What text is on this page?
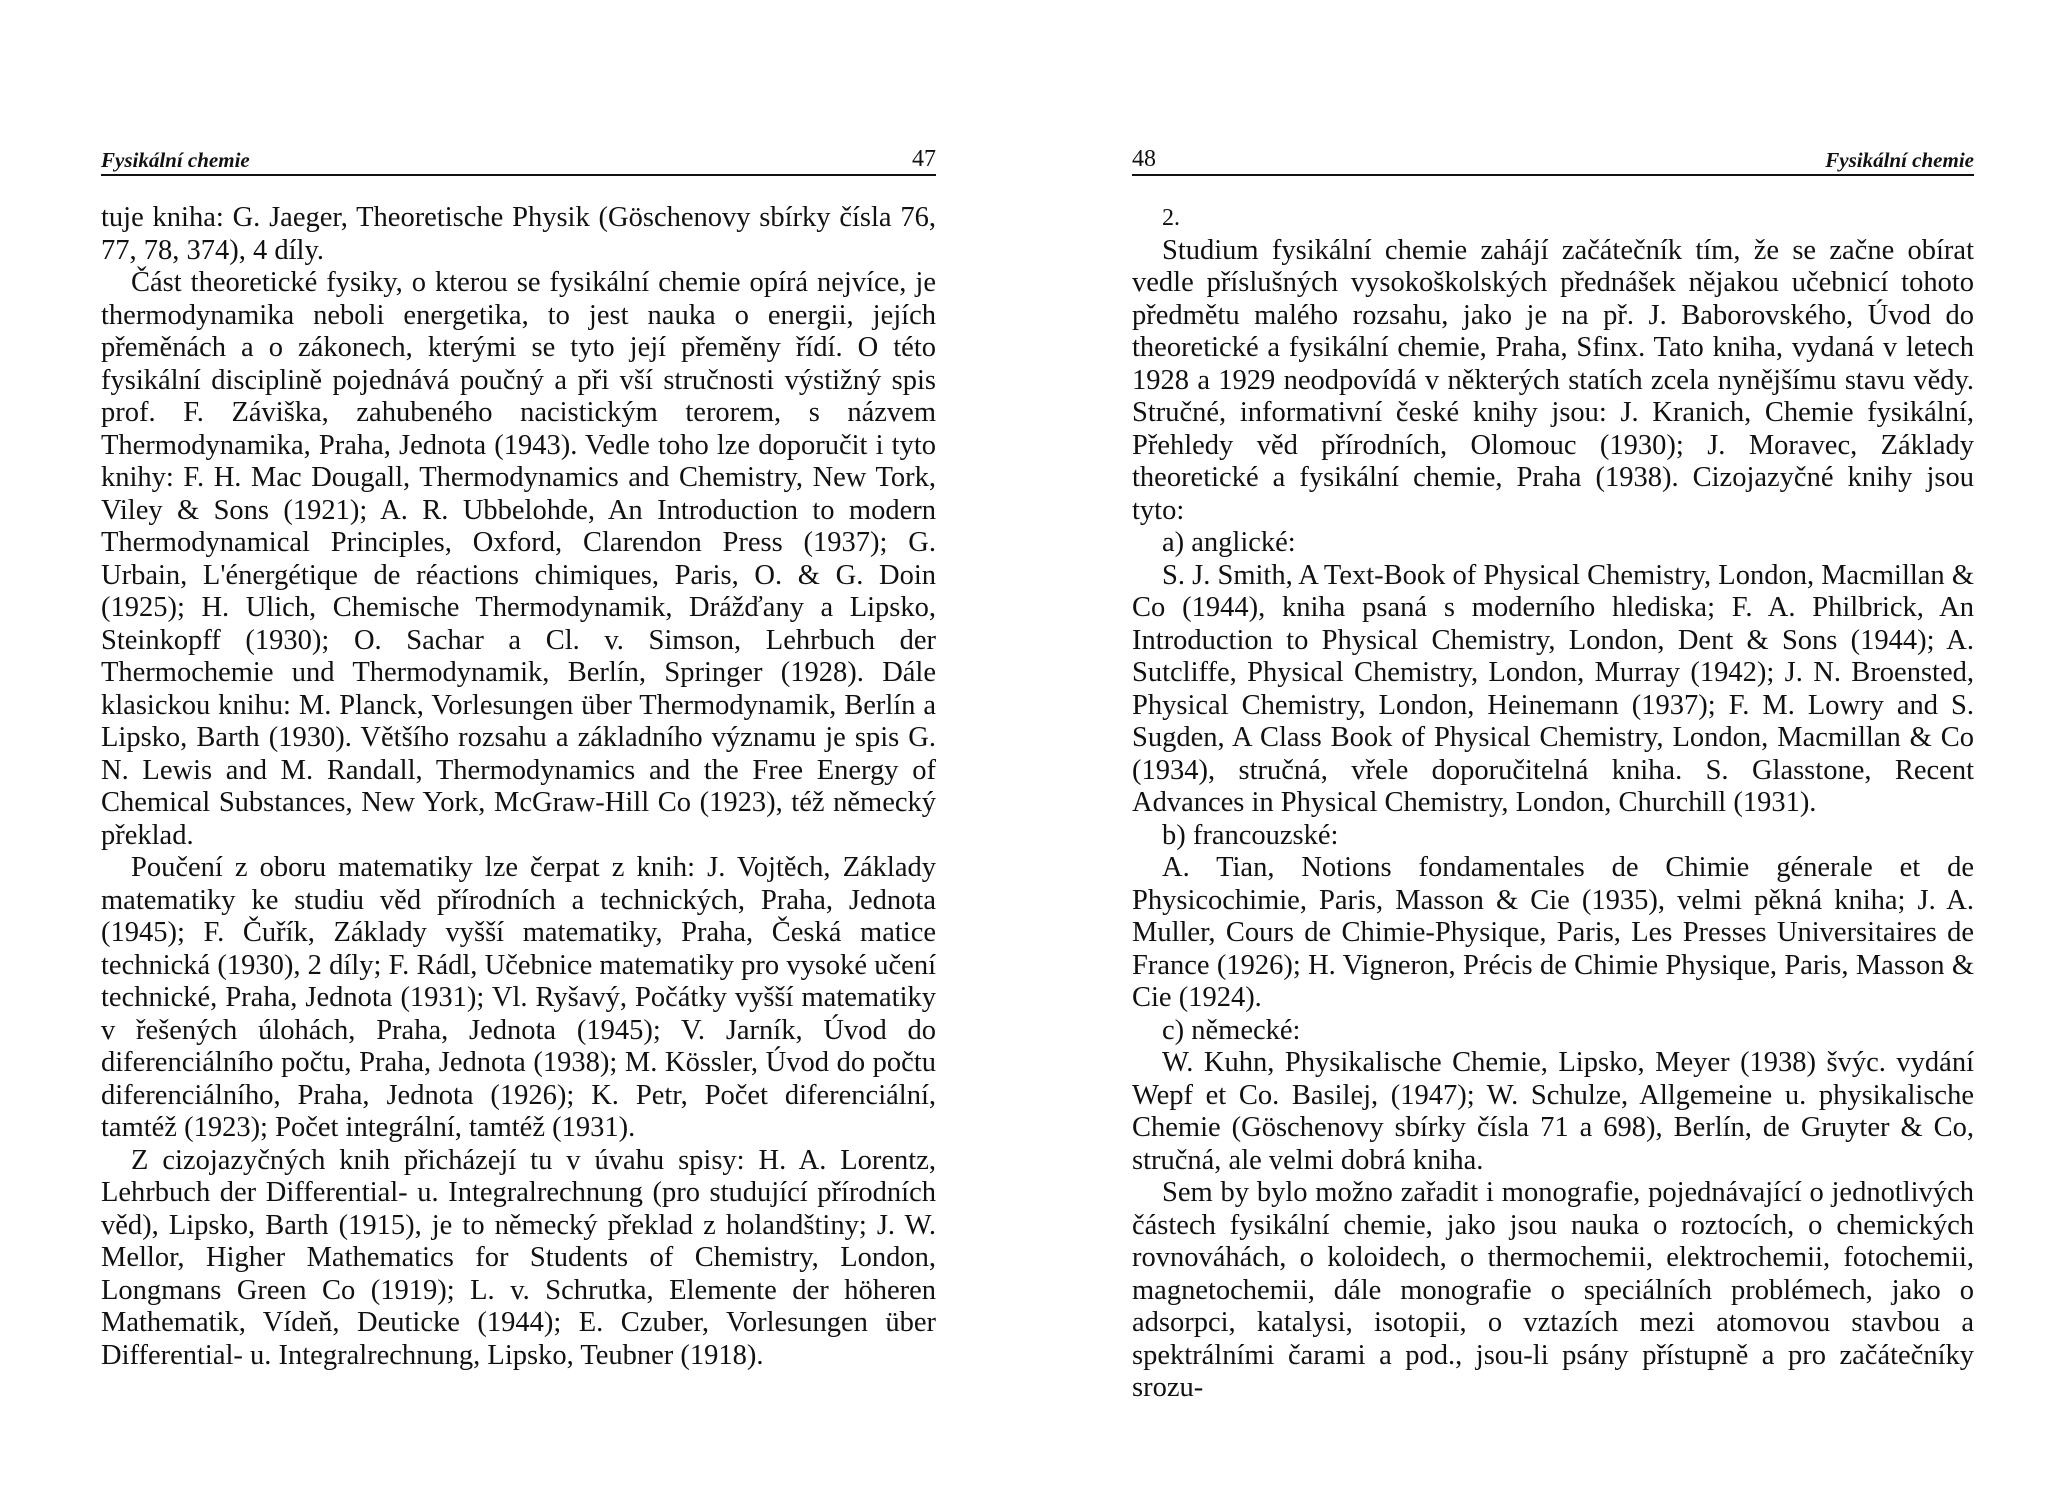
Fysikální chemie	47

tuje kniha: G. Jaeger, Theoretische Physik (Göschenovy sbírky čísla 76, 77, 78, 374), 4 díly.

Část theoretické fysiky, o kterou se fysikální chemie opírá nejvíce, je thermodynamika neboli energetika, to jest nauka o energii, jejích přeměnách a o zákonech, kterými se tyto její přeměny řídí. O této fysikální disciplině pojednává poučný a při vší stručnosti výstižný spis prof. F. Záviška, zahubeného nacistickým terorem, s názvem Thermodynamika, Praha, Jednota (1943). Vedle toho lze doporučit i tyto knihy: F. H. Mac Dougall, Thermodynamics and Chemistry, New Tork, Viley & Sons (1921); A. R. Ubbelohde, An Introduction to modern Thermodynamical Principles, Oxford, Clarendon Press (1937); G. Urbain, L'énergétique de réactions chimiques, Paris, O. & G. Doin (1925); H. Ulich, Chemische Thermodynamik, Drážďany a Lipsko, Steinkopff (1930); O. Sachar a Cl. v. Simson, Lehrbuch der Thermochemie und Thermodynamik, Berlín, Springer (1928). Dále klasickou knihu: M. Planck, Vorlesungen über Thermodynamik, Berlín a Lipsko, Barth (1930). Většího rozsahu a základního významu je spis G. N. Lewis and M. Randall, Thermodynamics and the Free Energy of Chemical Substances, New York, McGraw-Hill Co (1923), též německý překlad.

Poučení z oboru matematiky lze čerpat z knih: J. Vojtěch, Základy matematiky ke studiu věd přírodních a technických, Praha, Jednota (1945); F. Čuřík, Základy vyšší matematiky, Praha, Česká matice technická (1930), 2 díly; F. Rádl, Učebnice matematiky pro vysoké učení technické, Praha, Jednota (1931); Vl. Ryšavý, Počátky vyšší matematiky v řešených úlohách, Praha, Jednota (1945); V. Jarník, Úvod do diferenciálního počtu, Praha, Jednota (1938); M. Kössler, Úvod do počtu diferenciálního, Praha, Jednota (1926); K. Petr, Počet diferenciální, tamtéž (1923); Počet integrální, tamtéž (1931).

Z cizojazyčných knih přicházejí tu v úvahu spisy: H. A. Lorentz, Lehrbuch der Differential- u. Integralrechnung (pro studující přírodních věd), Lipsko, Barth (1915), je to německý překlad z holandštiny; J. W. Mellor, Higher Mathematics for Students of Chemistry, London, Longmans Green Co (1919); L. v. Schrutka, Elemente der höheren Mathematik, Vídeň, Deuticke (1944); E. Czuber, Vorlesungen über Differential- u. Integralrechnung, Lipsko, Teubner (1918).

48	Fysikální chemie

2.

Studium fysikální chemie zahájí začátečník tím, že se začne obírat vedle příslušných vysokoškolských přednášek nějakou učebnicí tohoto předmětu malého rozsahu, jako je na př. J. Baborovského, Úvod do theoretické a fysikální chemie, Praha, Sfinx. Tato kniha, vydaná v letech 1928 a 1929 neodpovídá v některých statích zcela nynějšímu stavu vědy. Stručné, informativní české knihy jsou: J. Kranich, Chemie fysikální, Přehledy věd přírodních, Olomouc (1930); J. Moravec, Základy theoretické a fysikální chemie, Praha (1938). Cizojazyčné knihy jsou tyto:

a) anglické:

S. J. Smith, A Text-Book of Physical Chemistry, London, Macmillan & Co (1944), kniha psaná s moderního hlediska; F. A. Philbrick, An Introduction to Physical Chemistry, London, Dent & Sons (1944); A. Sutcliffe, Physical Chemistry, London, Murray (1942); J. N. Broensted, Physical Chemistry, London, Heinemann (1937); F. M. Lowry and S. Sugden, A Class Book of Physical Chemistry, London, Macmillan & Co (1934), stručná, vřele doporučitelná kniha. S. Glasstone, Recent Advances in Physical Chemistry, London, Churchill (1931).

b) francouzské:

A. Tian, Notions fondamentales de Chimie génerale et de Physicochimie, Paris, Masson & Cie (1935), velmi pěkná kniha; J. A. Muller, Cours de Chimie-Physique, Paris, Les Presses Universitaires de France (1926); H. Vigneron, Précis de Chimie Physique, Paris, Masson & Cie (1924).

c) německé:

W. Kuhn, Physikalische Chemie, Lipsko, Meyer (1938) švýc. vydání Wepf et Co. Basilej, (1947); W. Schulze, Allgemeine u. physikalische Chemie (Göschenovy sbírky čísla 71 a 698), Berlín, de Gruyter & Co, stručná, ale velmi dobrá kniha.

Sem by bylo možno zařadit i monografie, pojednávající o jednotlivých částech fysikální chemie, jako jsou nauka o roztocích, o chemických rovnováhách, o koloidech, o thermochemii, elektrochemii, fotochemii, magnetochemii, dále monografie o speciálních problémech, jako o adsorpci, katalysi, isotopii, o vztazích mezi atomovou stavbou a spektrálními čarami a pod., jsou-li psány přístupně a pro začátečníky srozu-
